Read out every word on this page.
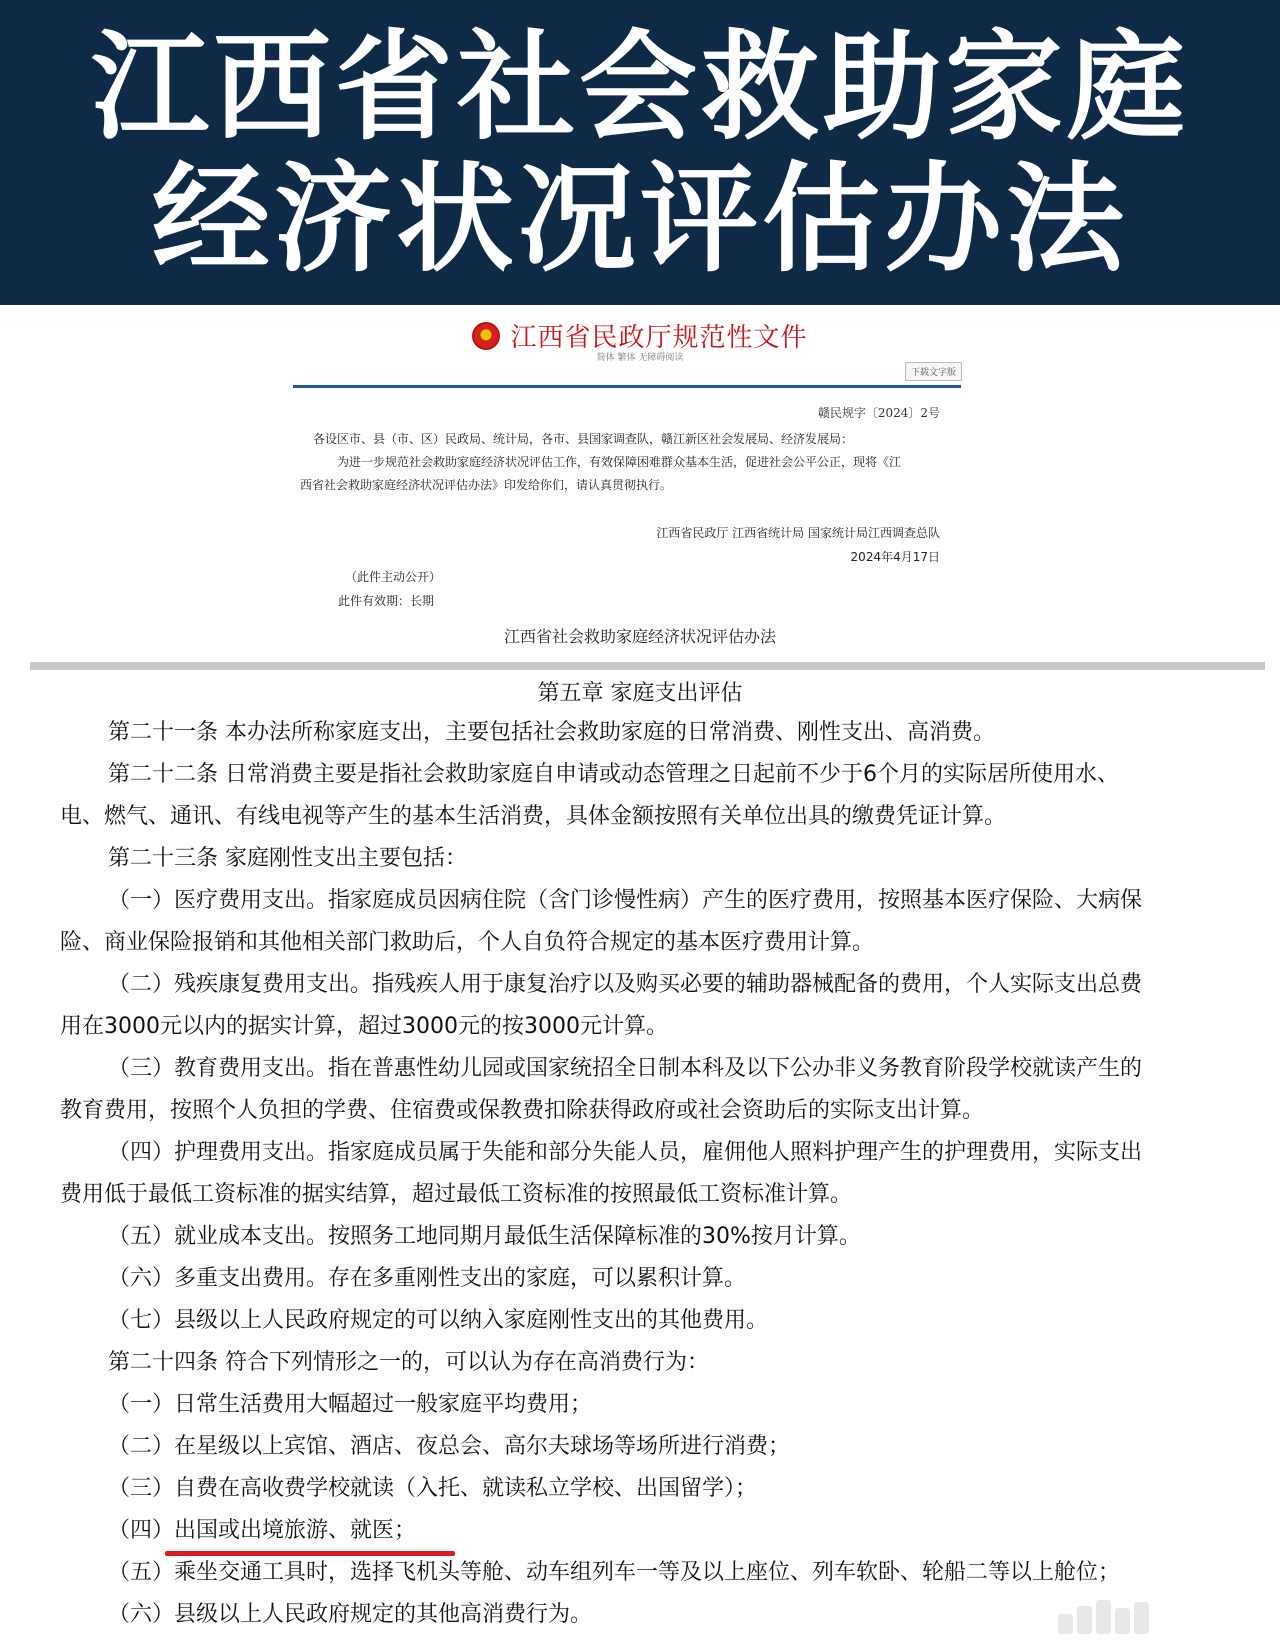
江西省社会救助家庭
经济状况评估办法
江西省民政厅规范性文件
简体 繁体 无障碍阅读
下载文字版
赣民规字〔2024〕2号

各设区市、县（市、区）民政局、统计局，各市、县国家调查队，赣江新区社会发展局、经济发展局：

为进一步规范社会救助家庭经济状况评估工作，有效保障困难群众基本生活，促进社会公平公正，现将《江

西省社会救助家庭经济状况评估办法》印发给你们，请认真贯彻执行。

江西省民政厅 江西省统计局 国家统计局江西调查总队
2024年4月17日
（此件主动公开）
此件有效期：长期
江西省社会救助家庭经济状况评估办法
第五章 家庭支出评估
第二十一条 本办法所称家庭支出，主要包括社会救助家庭的日常消费、刚性支出、高消费。
第二十二条 日常消费主要是指社会救助家庭自申请或动态管理之日起前不少于6个月的实际居所使用水、
电、燃气、通讯、有线电视等产生的基本生活消费，具体金额按照有关单位出具的缴费凭证计算。
第二十三条 家庭刚性支出主要包括：
（一）医疗费用支出。指家庭成员因病住院（含门诊慢性病）产生的医疗费用，按照基本医疗保险、大病保
险、商业保险报销和其他相关部门救助后，个人自负符合规定的基本医疗费用计算。
（二）残疾康复费用支出。指残疾人用于康复治疗以及购买必要的辅助器械配备的费用，个人实际支出总费
用在3000元以内的据实计算，超过3000元的按3000元计算。
（三）教育费用支出。指在普惠性幼儿园或国家统招全日制本科及以下公办非义务教育阶段学校就读产生的
教育费用，按照个人负担的学费、住宿费或保教费扣除获得政府或社会资助后的实际支出计算。
（四）护理费用支出。指家庭成员属于失能和部分失能人员，雇佣他人照料护理产生的护理费用，实际支出
费用低于最低工资标准的据实结算，超过最低工资标准的按照最低工资标准计算。
（五）就业成本支出。按照务工地同期月最低生活保障标准的30%按月计算。
（六）多重支出费用。存在多重刚性支出的家庭，可以累积计算。
（七）县级以上人民政府规定的可以纳入家庭刚性支出的其他费用。
第二十四条 符合下列情形之一的，可以认为存在高消费行为：
（一）日常生活费用大幅超过一般家庭平均费用；
（二）在星级以上宾馆、酒店、夜总会、高尔夫球场等场所进行消费；
（三）自费在高收费学校就读（入托、就读私立学校、出国留学）；
（四）出国或出境旅游、就医；
（五）乘坐交通工具时，选择飞机头等舱、动车组列车一等及以上座位、列车软卧、轮船二等以上舱位；
（六）县级以上人民政府规定的其他高消费行为。
